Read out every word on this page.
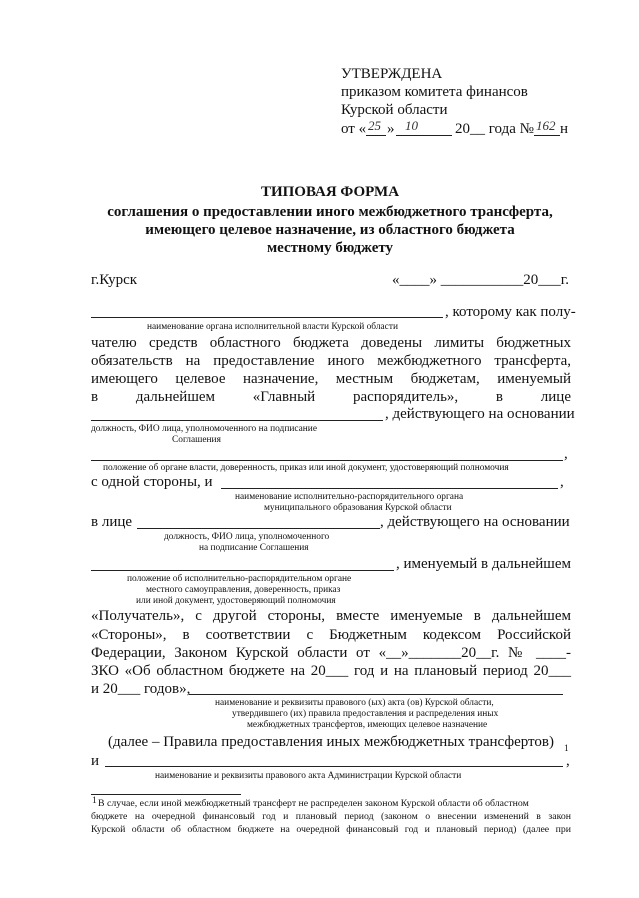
УТВЕРЖДЕНА
приказом комитета финансов
Курской области
от « 25 » 10 20__ года № 162 н
ТИПОВАЯ ФОРМА
соглашения о предоставлении иного межбюджетного трансферта,
имеющего целевое назначение, из областного бюджета
местному бюджету
г.Курск	«____» ___________20___г.
, которому как полу-
наименование органа исполнительной власти Курской области
чателю средств областного бюджета доведены лимиты бюджетных
обязательств на предоставление иного межбюджетного трансферта,
имеющего целевое назначение, местным бюджетам, именуемый
в дальнейшем «Главный распорядитель», в лице
, действующего на основании
должность, ФИО лица, уполномоченного на подписание
Соглашения
,
положение об органе власти, доверенность, приказ или иной документ, удостоверяющий полномочия
с одной стороны, и	,
наименование исполнительно-распорядительного органа
муниципального образования Курской области
в лице	, действующего на основании
должность, ФИО лица, уполномоченного
на подписание Соглашения
, именуемый в дальнейшем
положение об исполнительно-распорядительном органе
местного самоуправления, доверенность, приказ
или иной документ, удостоверяющий полномочия
«Получатель», с другой стороны, вместе именуемые в дальнейшем
«Стороны», в соответствии с Бюджетным кодексом Российской
Федерации, Законом Курской области от «__»_______20__г. № ____-
ЗКО «Об областном бюджете на 20___ год и на плановый период 20___
и 20___ годов»,
наименование и реквизиты правового (ых) акта (ов) Курской области,
утвердившего (их) правила предоставления и распределения иных
межбюджетных трансфертов, имеющих целевое назначение
(далее – Правила предоставления иных межбюджетных трансфертов)
и
1
,
наименование и реквизиты правового акта Администрации Курской области
1 В случае, если иной межбюджетный трансферт не распределен законом Курской области об областном
бюджете на очередной финансовый год и плановый период (законом о внесении изменений в закон
Курской области об областном бюджете на очередной финансовый год и плановый период) (далее при
